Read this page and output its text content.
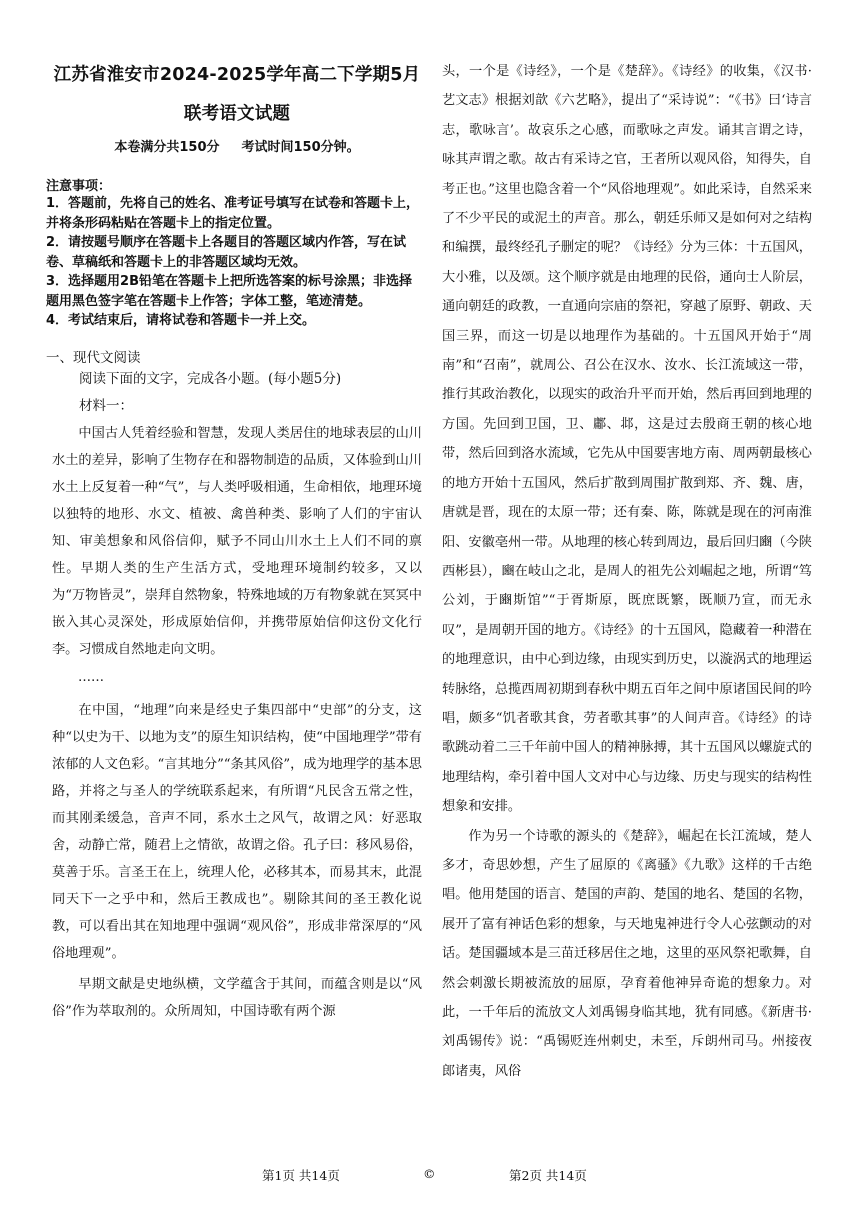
江苏省淮安市2024-2025学年高二下学期5月
联考语文试题
本卷满分共150分 考试时间150分钟。
注意事项：
1．答题前，先将自己的姓名、准考证号填写在试卷和答题卡上，并将条形码粘贴在答题卡上的指定位置。
2．请按题号顺序在答题卡上各题目的答题区域内作答，写在试卷、草稿纸和答题卡上的非答题区域均无效。
3．选择题用2B铅笔在答题卡上把所选答案的标号涂黑；非选择题用黑色签字笔在答题卡上作答；字体工整，笔迹清楚。
4．考试结束后，请将试卷和答题卡一并上交。
一、现代文阅读

阅读下面的文字，完成各小题。(每小题5分)

材料一：

中国古人凭着经验和智慧，发现人类居住的地球表层的山川水土的差异，影响了生物存在和器物制造的品质，又体验到山川水土上反复着一种“气”，与人类呼吸相通，生命相依，地理环境以独特的地形、水文、植被、禽兽种类、影响了人们的宇宙认知、审美想象和风俗信仰，赋予不同山川水土上人们不同的禀性。早期人类的生产生活方式，受地理环境制约较多，又以为“万物皆灵”，崇拜自然物象，特殊地域的万有物象就在冥冥中嵌入其心灵深处，形成原始信仰，并携带原始信仰这份文化行李。习惯成自然地走向文明。

……

在中国，“地理”向来是经史子集四部中“史部”的分支，这种“以史为干、以地为支”的原生知识结构，使“中国地理学”带有浓郁的人文色彩。“言其地分”“条其风俗”，成为地理学的基本思路，并将之与圣人的学统联系起来，有所谓“凡民含五常之性，而其刚柔缓急，音声不同，系水土之风气，故谓之风：好恶取舍，动静亡常，随君上之情欲，故谓之俗。孔子曰：移风易俗，莫善于乐。言圣王在上，统理人伦，必移其本，而易其末，此混同天下一之乎中和，然后王教成也”。剔除其间的圣王教化说教，可以看出其在知地理中强调“观风俗”，形成非常深厚的“风俗地理观”。

早期文献是史地纵横，文学蕴含于其间，而蕴含则是以“风俗”作为萃取剂的。众所周知，中国诗歌有两个源

头，一个是《诗经》，一个是《楚辞》。《诗经》的收集，《汉书·艺文志》根据刘歆《六艺略》，提出了“采诗说”：“《书》曰‘诗言志，歌咏言’。故哀乐之心感，而歌咏之声发。诵其言谓之诗，咏其声谓之歌。故古有采诗之官，王者所以观风俗，知得失，自考正也。”这里也隐含着一个“风俗地理观”。如此采诗，自然采来了不少平民的或泥土的声音。那么，朝廷乐师又是如何对之结构和编撰，最终经孔子删定的呢？《诗经》分为三体：十五国风，大小雅，以及颂。这个顺序就是由地理的民俗，通向士人阶层，通向朝廷的政教，一直通向宗庙的祭祀，穿越了原野、朝政、天国三界，而这一切是以地理作为基础的。十五国风开始于“周南”和“召南”，就周公、召公在汉水、汝水、长江流域这一带，推行其政治教化，以现实的政治升平而开始，然后再回到地理的方国。先回到卫国，卫、鄘、邶，这是过去殷商王朝的核心地带，然后回到洛水流域，它先从中国要害地方南、周两朝最核心的地方开始十五国风，然后扩散到周围扩散到郑、齐、魏、唐，唐就是晋，现在的太原一带；还有秦、陈，陈就是现在的河南淮阳、安徽亳州一带。从地理的核心转到周边，最后回归豳（今陕西彬县），豳在岐山之北，是周人的祖先公刘崛起之地，所谓“笃公刘，于豳斯馆”“于胥斯原，既庶既繁，既顺乃宣，而无永叹”，是周朝开国的地方。《诗经》的十五国风，隐藏着一种潜在的地理意识，由中心到边缘，由现实到历史，以漩涡式的地理运转脉络，总揽西周初期到春秋中期五百年之间中原诸国民间的吟唱，颇多“饥者歌其食，劳者歌其事”的人间声音。《诗经》的诗歌跳动着二三千年前中国人的精神脉搏，其十五国风以螺旋式的地理结构，牵引着中国人文对中心与边缘、历史与现实的结构性想象和安排。

作为另一个诗歌的源头的《楚辞》，崛起在长江流域，楚人多才，奇思妙想，产生了屈原的《离骚》《九歌》这样的千古绝唱。他用楚国的语言、楚国的声韵、楚国的地名、楚国的名物，展开了富有神话色彩的想象，与天地鬼神进行令人心弦颤动的对话。楚国疆域本是三苗迁移居住之地，这里的巫风祭祀歌舞，自然会刺激长期被流放的屈原，孕育着他神异奇诡的想象力。对此，一千年后的流放文人刘禹锡身临其地，犹有同感。《新唐书·刘禹锡传》说：“禹锡贬连州刺史，未至，斥朗州司马。州接夜郎诸夷，风俗

第1页 共14页	©	第2页 共14页
